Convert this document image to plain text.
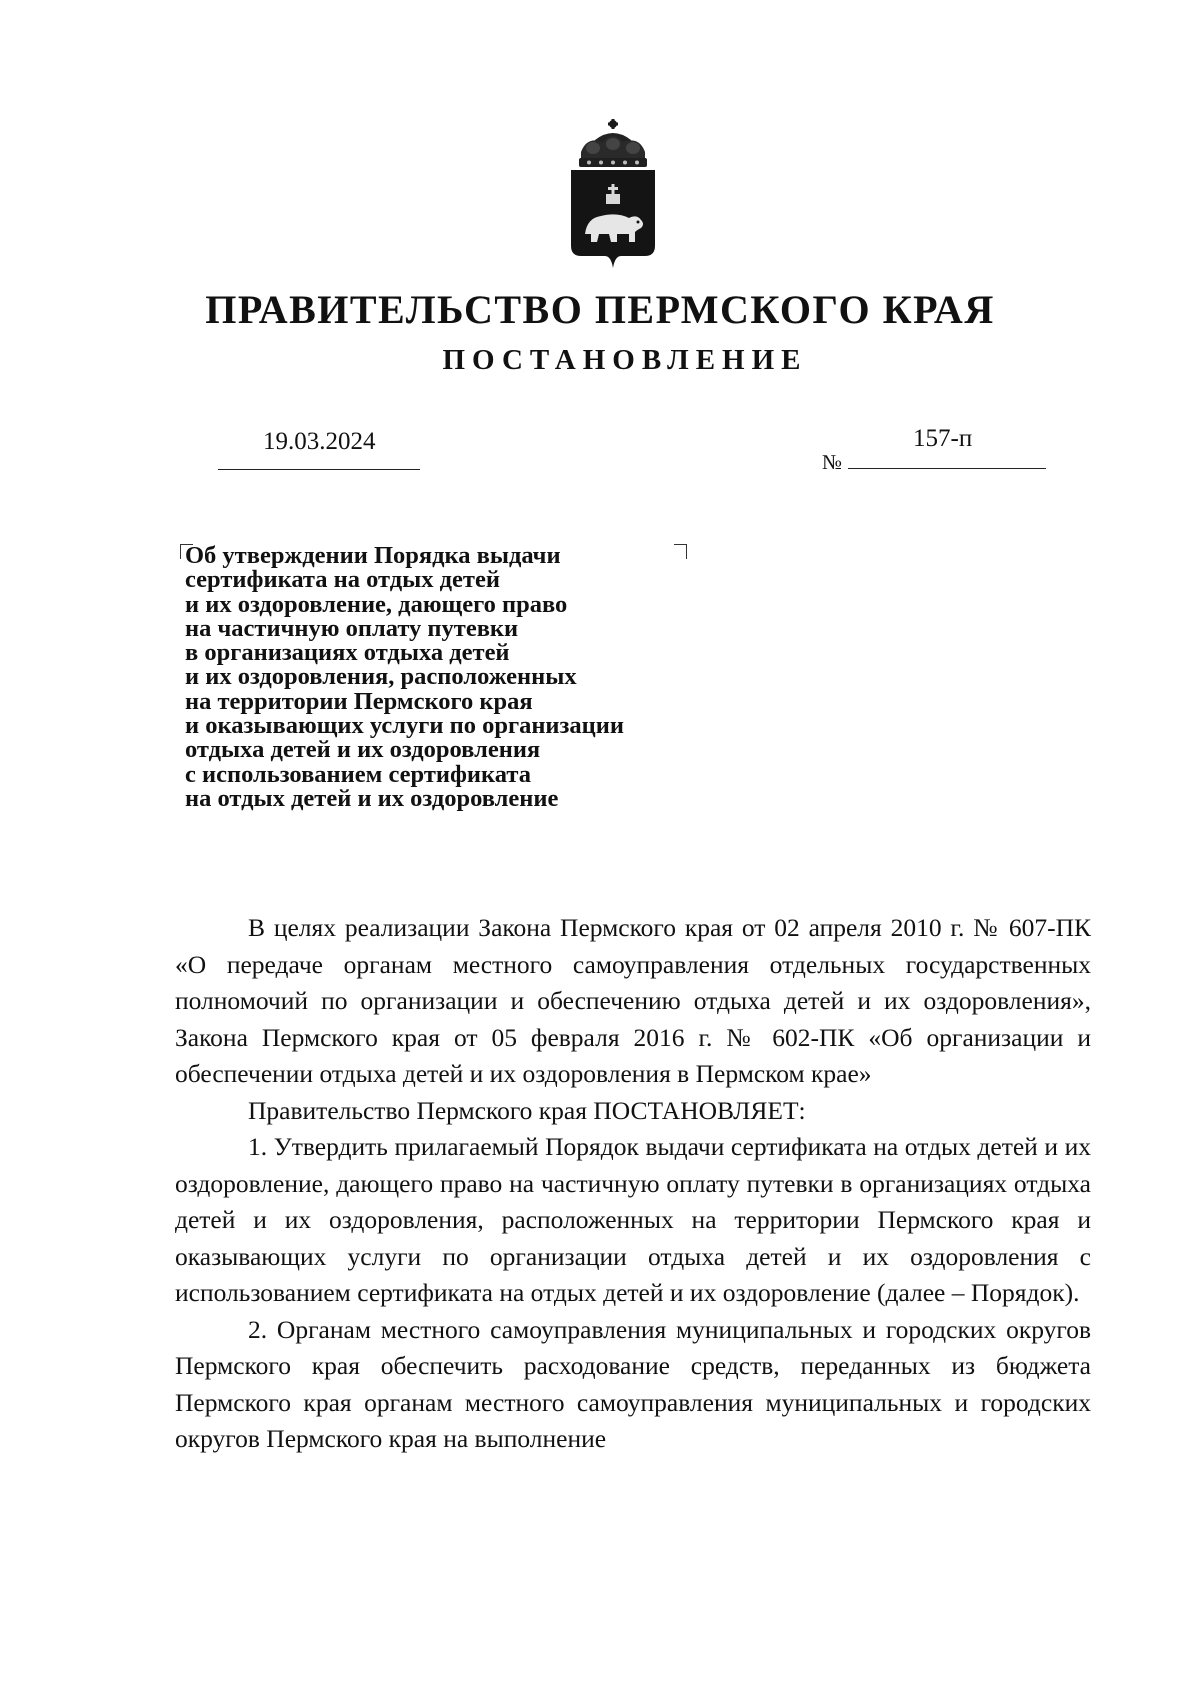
ПРАВИТЕЛЬСТВО ПЕРМСКОГО КРАЯ
ПОСТАНОВЛЕНИЕ
19.03.2024
№
157-п
Об утверждении Порядка выдачи
сертификата на отдых детей
и их оздоровление, дающего право
на частичную оплату путевки
в организациях отдыха детей
и их оздоровления, расположенных
на территории Пермского края
и оказывающих услуги по организации
отдыха детей и их оздоровления
с использованием сертификата
на отдых детей и их оздоровление

В целях реализации Закона Пермского края от 02 апреля 2010 г. № 607-ПК «О передаче органам местного самоуправления отдельных государственных полномочий по организации и обеспечению отдыха детей и их оздоровления», Закона Пермского края от 05 февраля 2016 г. № 602-ПК «Об организации и обеспечении отдыха детей и их оздоровления в Пермском крае»

Правительство Пермского края ПОСТАНОВЛЯЕТ:

1. Утвердить прилагаемый Порядок выдачи сертификата на отдых детей и их оздоровление, дающего право на частичную оплату путевки в организациях отдыха детей и их оздоровления, расположенных на территории Пермского края и оказывающих услуги по организации отдыха детей и их оздоровления с использованием сертификата на отдых детей и их оздоровление (далее – Порядок).

2. Органам местного самоуправления муниципальных и городских округов Пермского края обеспечить расходование средств, переданных из бюджета Пермского края органам местного самоуправления муниципальных и городских округов Пермского края на выполнение
